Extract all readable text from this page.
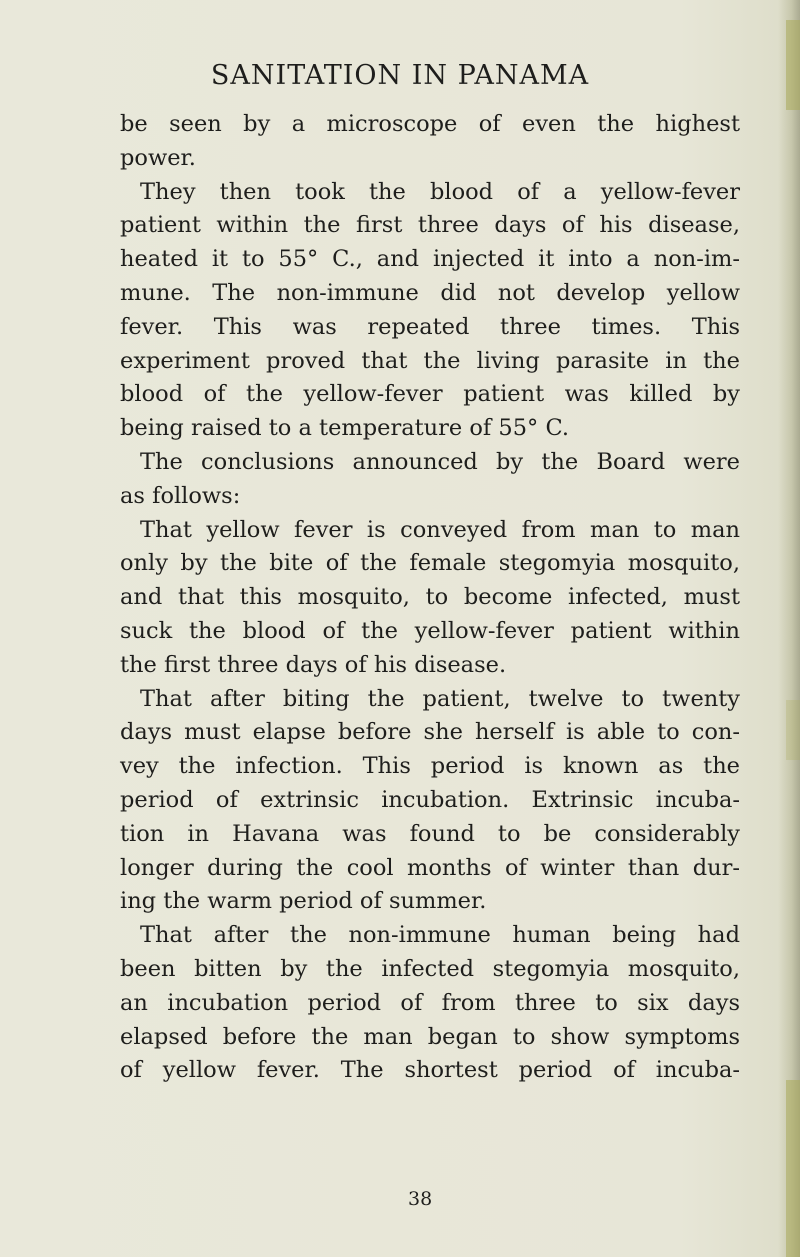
SANITATION IN PANAMA
be seen by a microscope of even the highest
power.
They then took the blood of a yellow-fever
patient within the first three days of his disease,
heated it to 55° C., and injected it into a non-im-
mune. The non-immune did not develop yellow
fever. This was repeated three times. This
experiment proved that the living parasite in the
blood of the yellow-fever patient was killed by
being raised to a temperature of 55° C.
The conclusions announced by the Board were
as follows:
That yellow fever is conveyed from man to man
only by the bite of the female stegomyia mosquito,
and that this mosquito, to become infected, must
suck the blood of the yellow-fever patient within
the first three days of his disease.
That after biting the patient, twelve to twenty
days must elapse before she herself is able to con-
vey the infection. This period is known as the
period of extrinsic incubation. Extrinsic incuba-
tion in Havana was found to be considerably
longer during the cool months of winter than dur-
ing the warm period of summer.
That after the non-immune human being had
been bitten by the infected stegomyia mosquito,
an incubation period of from three to six days
elapsed before the man began to show symptoms
of yellow fever. The shortest period of incuba-
38
